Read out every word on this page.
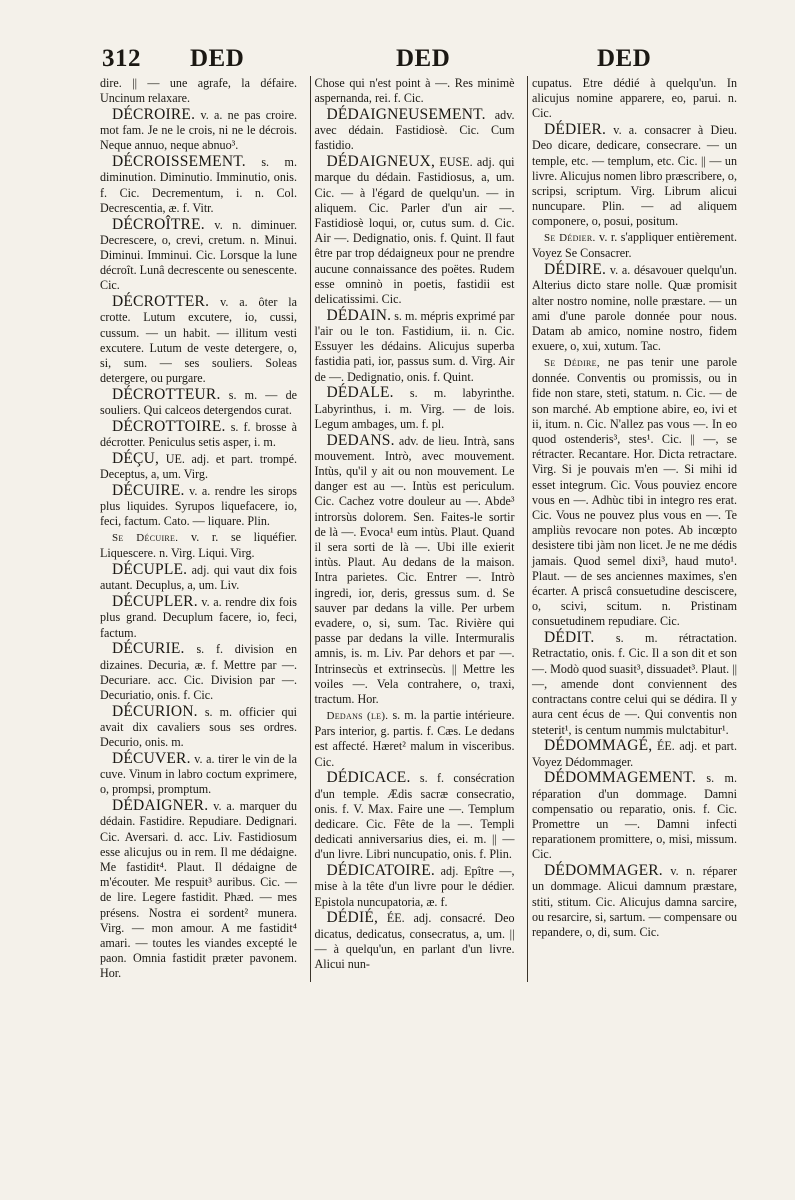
312 DED	DED	DED

dire. || — une agrafe, la défaire. Uncinum relaxare.

DÉCROIRE. v. a. ne pas croire. mot fam. Je ne le crois, ni ne le décrois. Neque annuo, neque abnuo³.

DÉCROISSEMENT. s. m. diminution. Diminutio. Imminutio, onis. f. Cic. Decrementum, i. n. Col. Decrescentia, æ. f. Vitr.

DÉCROÎTRE. v. n. diminuer. Decrescere, o, crevi, cretum. n. Minui. Diminui. Imminui. Cic. Lorsque la lune décroît. Lunâ decrescente ou senescente. Cic.

DÉCROTTER. v. a. ôter la crotte. Lutum excutere, io, cussi, cussum. — un habit. — illitum vesti excutere. Lutum de veste detergere, o, si, sum. — ses souliers. Soleas detergere, ou purgare.

DÉCROTTEUR. s. m. — de souliers. Qui calceos detergendos curat.

DÉCROTTOIRE. s. f. brosse à décrotter. Peniculus setis asper, i. m.

DÉÇU, UE. adj. et part. trompé. Deceptus, a, um. Virg.

DÉCUIRE. v. a. rendre les sirops plus liquides. Syrupos liquefacere, io, feci, factum. Cato. — liquare. Plin.

Se Décuire. v. r. se liquéfier. Liquescere. n. Virg. Liqui. Virg.

DÉCUPLE. adj. qui vaut dix fois autant. Decuplus, a, um. Liv.

DÉCUPLER. v. a. rendre dix fois plus grand. Decuplum facere, io, feci, factum.

DÉCURIE. s. f. division en dizaines. Decuria, æ. f. Mettre par —. Decuriare. acc. Cic. Division par —. Decuriatio, onis. f. Cic.

DÉCURION. s. m. officier qui avait dix cavaliers sous ses ordres. Decurio, onis. m.

DÉCUVER. v. a. tirer le vin de la cuve. Vinum in labro coctum exprimere, o, prompsi, promptum.

DÉDAIGNER. v. a. marquer du dédain. Fastidire. Repudiare. Dedignari. Cic. Aversari. d. acc. Liv. Fastidiosum esse alicujus ou in rem. Il me dédaigne. Me fastidit⁴. Plaut. Il dédaigne de m'écouter. Me respuit³ auribus. Cic. — de lire. Legere fastidit. Phæd. — mes présens. Nostra ei sordent² munera. Virg. — mon amour. A me fastidit⁴ amari. — toutes les viandes excepté le paon. Omnia fastidit præter pavonem. Hor.

Chose qui n'est point à —. Res minimè aspernanda, rei. f. Cic.

DÉDAIGNEUSEMENT. adv. avec dédain. Fastidiosè. Cic. Cum fastidio.

DÉDAIGNEUX, EUSE. adj. qui marque du dédain. Fastidiosus, a, um. Cic. — à l'égard de quelqu'un. — in aliquem. Cic. Parler d'un air —. Fastidiosè loqui, or, cutus sum. d. Cic. Air —. Dedignatio, onis. f. Quint. Il faut être par trop dédaigneux pour ne prendre aucune connaissance des poëtes. Rudem esse omninò in poetis, fastidii est delicatissimi. Cic.

DÉDAIN. s. m. mépris exprimé par l'air ou le ton. Fastidium, ii. n. Cic. Essuyer les dédains. Alicujus superba fastidia pati, ior, passus sum. d. Virg. Air de —. Dedignatio, onis. f. Quint.

DÉDALE. s. m. labyrinthe. Labyrinthus, i. m. Virg. — de lois. Legum ambages, um. f. pl.

DEDANS. adv. de lieu. Intrà, sans mouvement. Intrò, avec mouvement. Intùs, qu'il y ait ou non mouvement. Le danger est au —. Intùs est periculum. Cic. Cachez votre douleur au —. Abde³ introrsùs dolorem. Sen. Faites-le sortir de là —. Evoca¹ eum intùs. Plaut. Quand il sera sorti de là —. Ubi ille exierit intùs. Plaut. Au dedans de la maison. Intra parietes. Cic. Entrer —. Intrò ingredi, ior, deris, gressus sum. d. Se sauver par dedans la ville. Per urbem evadere, o, si, sum. Tac. Rivière qui passe par dedans la ville. Intermuralis amnis, is. m. Liv. Par dehors et par —. Intrinsecùs et extrinsecùs. || Mettre les voiles —. Vela contrahere, o, traxi, tractum. Hor.

Dedans (le). s. m. la partie intérieure. Pars interior, g. partis. f. Cæs. Le dedans est affecté. Hæret² malum in visceribus. Cic.

DÉDICACE. s. f. consécration d'un temple. Ædis sacræ consecratio, onis. f. V. Max. Faire une —. Templum dedicare. Cic. Fête de la —. Templi dedicati anniversarius dies, ei. m. || — d'un livre. Libri nuncupatio, onis. f. Plin.

DÉDICATOIRE. adj. Epître —, mise à la tête d'un livre pour le dédier. Epistola nuncupatoria, æ. f.

DÉDIÉ, ÉE. adj. consacré. Deo dicatus, dedicatus, consecratus, a, um. || — à quelqu'un, en parlant d'un livre. Alicui nun-

cupatus. Etre dédié à quelqu'un. In alicujus nomine apparere, eo, parui. n. Cic.

DÉDIER. v. a. consacrer à Dieu. Deo dicare, dedicare, consecrare. — un temple, etc. — templum, etc. Cic. || — un livre. Alicujus nomen libro præscribere, o, scripsi, scriptum. Virg. Librum alicui nuncupare. Plin. — ad aliquem componere, o, posui, positum.

Se Dédier. v. r. s'appliquer entièrement. Voyez Se Consacrer.

DÉDIRE. v. a. désavouer quelqu'un. Alterius dicto stare nolle. Quæ promisit alter nostro nomine, nolle præstare. — un ami d'une parole donnée pour nous. Datam ab amico, nomine nostro, fidem exuere, o, xui, xutum. Tac.

Se Dédire, ne pas tenir une parole donnée. Conventis ou promissis, ou in fide non stare, steti, statum. n. Cic. — de son marché. Ab emptione abire, eo, ivi et ii, itum. n. Cic. N'allez pas vous —. In eo quod ostenderis³, stes¹. Cic. || —, se rétracter. Recantare. Hor. Dicta retractare. Virg. Si je pouvais m'en —. Si mihi id esset integrum. Cic. Vous pouviez encore vous en —. Adhùc tibi in integro res erat. Cic. Vous ne pouvez plus vous en —. Te ampliùs revocare non potes. Ab incœpto desistere tibi jàm non licet. Je ne me dédis jamais. Quod semel dixi³, haud muto¹. Plaut. — de ses anciennes maximes, s'en écarter. A priscâ consuetudine desciscere, o, scivi, scitum. n. Pristinam consuetudinem repudiare. Cic.

DÉDIT. s. m. rétractation. Retractatio, onis. f. Cic. Il a son dit et son —. Modò quod suasit³, dissuadet³. Plaut. || —, amende dont conviennent des contractans contre celui qui se dédira. Il y aura cent écus de —. Qui conventis non steterit¹, is centum nummis mulctabitur¹.

DÉDOMMAGÉ, ÉE. adj. et part. Voyez Dédommager.

DÉDOMMAGEMENT. s. m. réparation d'un dommage. Damni compensatio ou reparatio, onis. f. Cic. Promettre un —. Damni infecti reparationem promittere, o, misi, missum. Cic.

DÉDOMMAGER. v. n. réparer un dommage. Alicui damnum præstare, stiti, stitum. Cic. Alicujus damna sarcire, ou resarcire, si, sartum. — compensare ou repandere, o, di, sum. Cic.
